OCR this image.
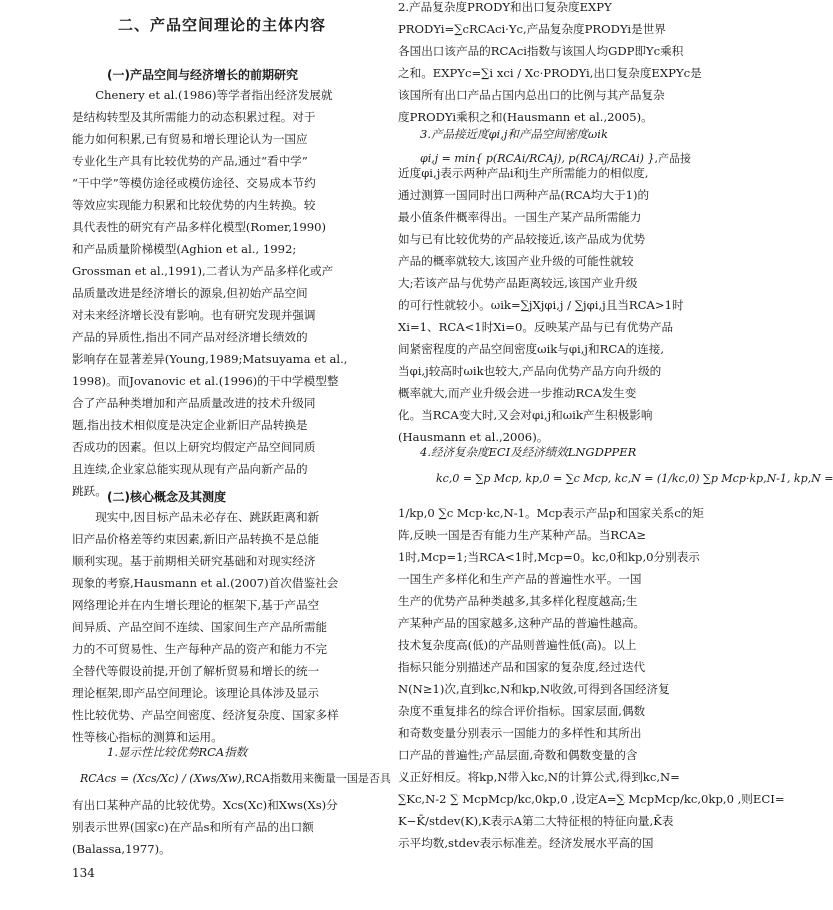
二、产品空间理论的主体内容
(一)产品空间与经济增长的前期研究
Chenery et al.(1986)等学者指出经济发展就
是结构转型及其所需能力的动态积累过程。对于
能力如何积累,已有贸易和增长理论认为一国应
专业化生产具有比较优势的产品,通过“看中学”
“干中学”等模仿途径或模仿途径、交易成本节约
等效应实现能力积累和比较优势的内生转换。较
具代表性的研究有产品多样化模型(Romer,1990)
和产品质量阶梯模型(Aghion et al., 1992;
Grossman et al.,1991),二者认为产品多样化或产
品质量改进是经济增长的源泉,但初始产品空间
对未来经济增长没有影响。也有研究发现并强调
产品的异质性,指出不同产品对经济增长绩效的
影响存在显著差异(Young,1989;Matsuyama et al.,
1998)。而Jovanovic et al.(1996)的干中学模型整
合了产品种类增加和产品质量改进的技术升级同
题,指出技术相似度是决定企业新旧产品转换是
否成功的因素。但以上研究均假定产品空间同质
且连续,企业家总能实现从现有产品向新产品的
跳跃。 (二)核心概念及其测度
现实中,因目标产品未必存在、跳跃距离和新
旧产品价格差等约束因素,新旧产品转换不是总能
顺利实现。基于前期相关研究基础和对现实经济
现象的考察,Hausmann et al.(2007)首次借鉴社会
网络理论并在内生增长理论的框架下,基于产品空
间异质、产品空间不连续、国家间生产产品所需能
力的不可贸易性、生产每种产品的资产和能力不完
全替代等假设前提,开创了解析贸易和增长的统一
理论框架,即产品空间理论。该理论具体涉及显示
性比较优势、产品空间密度、经济复杂度、国家多样
性等核心指标的测算和运用。
1.显示性比较优势RCA指数
RCAcs = (Xcs/Xc) / (Xws/Xw),RCA指数用来衡量一国是否具
有出口某种产品的比较优势。Xcs(Xc)和Xws(Xs)分
别表示世界(国家c)在产品s和所有产品的出口额
(Balassa,1977)。
2.产品复杂度PRODY和出口复杂度EXPY
PRODYi=∑cRCAci·Yc,产品复杂度PRODYi是世界
各国出口该产品的RCAci指数与该国人均GDP即Yc乘积
之和。EXPYc=∑i xci / Xc·PRODYi,出口复杂度EXPYc是
该国所有出口产品占国内总出口的比例与其产品复杂
度PRODYi乘积之和(Hausmann et al.,2005)。
3.产品接近度φi,j和产品空间密度ωik
φi,j = min{ p(RCAi/RCAj), p(RCAj/RCAi) },产品接
近度φi,j表示两种产品i和j生产所需能力的相似度,
通过测算一国同时出口两种产品(RCA均大于1)的
最小值条件概率得出。一国生产某产品所需能力
如与已有比较优势的产品较接近,该产品成为优势
产品的概率就较大,该国产业升级的可能性就较
大;若该产品与优势产品距离较远,该国产业升级
的可行性就较小。ωik=∑jXjφi,j / ∑jφi,j且当RCA>1时
Xi=1、RCA<1时Xi=0。反映某产品与已有优势产品
间紧密程度的产品空间密度ωik与φi,j和RCA的连接,
当φi,j较高时ωik也较大,产品向优势产品方向升级的
概率就大,而产业升级会进一步推动RCA发生变
化。当RCA变大时,又会对φi,j和ωik产生积极影响
(Hausmann et al.,2006)。
4.经济复杂度ECI及经济绩效LNGDPPER
kc,0 = ∑p Mcp, kp,0 = ∑c Mcp, kc,N = (1/kc,0) ∑p Mcp·kp,N-1, kp,N =
1/kp,0 ∑c Mcp·kc,N-1。Mcp表示产品p和国家关系c的矩
阵,反映一国是否有能力生产某种产品。当RCA≥
1时,Mcp=1;当RCA<1时,Mcp=0。kc,0和kp,0分别表示
一国生产多样化和生产产品的普遍性水平。一国
生产的优势产品种类越多,其多样化程度越高;生
产某种产品的国家越多,这种产品的普遍性越高。
技术复杂度高(低)的产品则普遍性低(高)。以上
指标只能分别描述产品和国家的复杂度,经过迭代
N(N≥1)次,直到kc,N和kp,N收敛,可得到各国经济复
杂度不重复排名的综合评价指标。国家层面,偶数
和奇数变量分别表示一国能力的多样性和其所出
口产品的普遍性;产品层面,奇数和偶数变量的含
义正好相反。将kp,N带入kc,N的计算公式,得到kc,N=
∑Kc,N-2 ∑ McpMcp/kc,0kp,0 ,设定A=∑ McpMcp/kc,0kp,0 ,则ECI=
K−K̄/stdev(K),K表示A第二大特征根的特征向量,K̄表
示平均数,stdev表示标准差。经济发展水平高的国
134
